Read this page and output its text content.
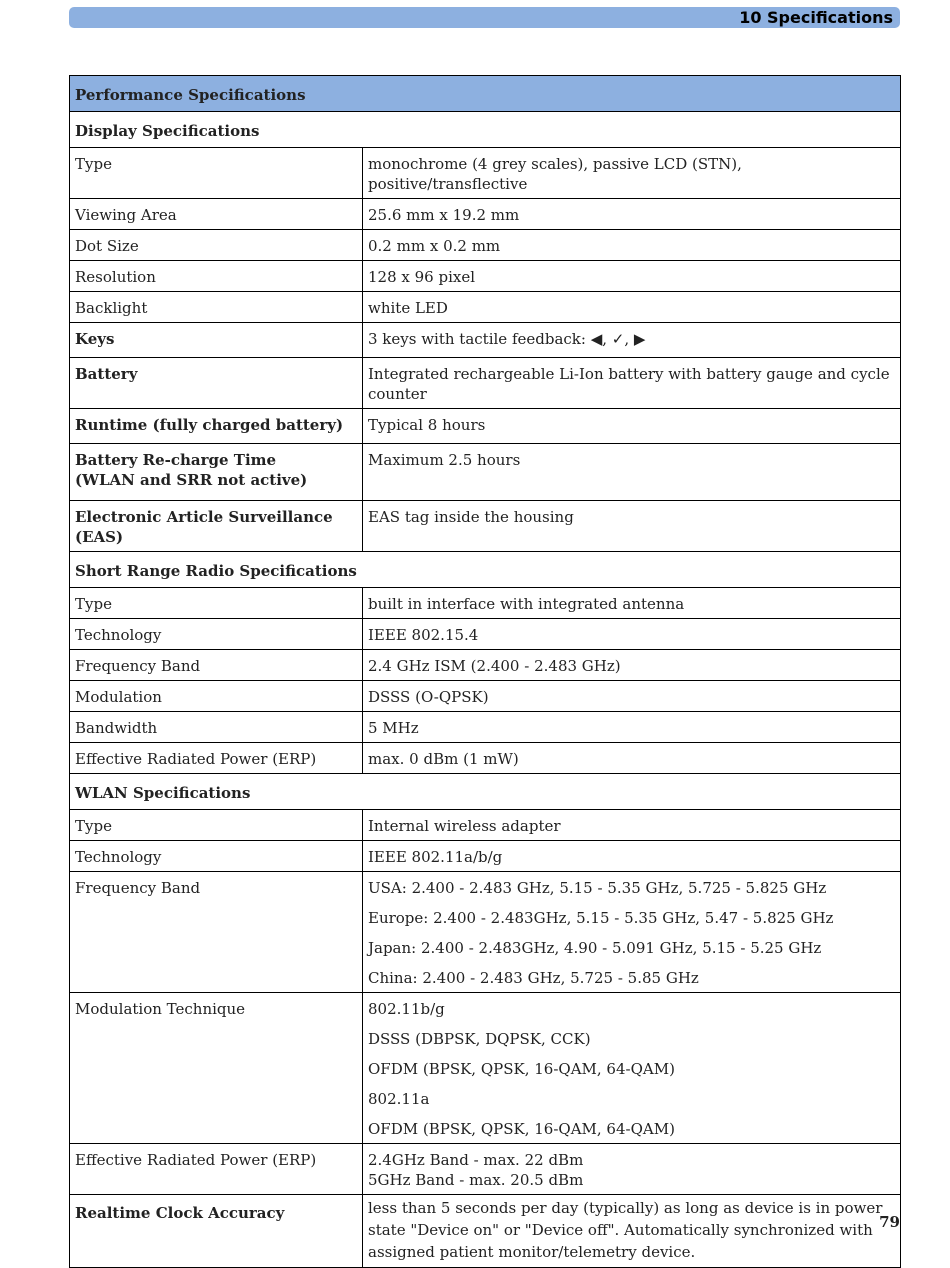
10 Specifications
Performance Specifications	
Display Specifications	
Type	monochrome (4 grey scales), passive LCD (STN), positive/transflective
Viewing Area	25.6 mm x 19.2 mm
Dot Size	0.2 mm x 0.2 mm
Resolution	128 x 96 pixel
Backlight	white LED
Keys	3 keys with tactile feedback: ◀, ✓, ▶
Battery	Integrated rechargeable Li-Ion battery with battery gauge and cycle counter
Runtime (fully charged battery)	Typical 8 hours

Battery Re-charge Time
(WLAN and SRR not active)	Maximum 2.5 hours
Electronic Article Surveillance (EAS)	EAS tag inside the housing
Short Range Radio Specifications	
Type	built in interface with integrated antenna
Technology	IEEE 802.15.4
Frequency Band	2.4 GHz ISM (2.400 - 2.483 GHz)
Modulation	DSSS (O-QPSK)
Bandwidth	5 MHz
Effective Radiated Power (ERP)	max. 0 dBm (1 mW)
WLAN Specifications	
Type	Internal wireless adapter
Technology	IEEE 802.11a/b/g
Frequency Band	USA: 2.400 - 2.483 GHz, 5.15 - 5.35 GHz, 5.725 - 5.825 GHz
Europe: 2.400 - 2.483GHz, 5.15 - 5.35 GHz, 5.47 - 5.825 GHz
Japan: 2.400 - 2.483GHz, 4.90 - 5.091 GHz, 5.15 - 5.25 GHz
China: 2.400 - 2.483 GHz, 5.725 - 5.85 GHz

Modulation Technique	802.11b/g
DSSS (DBPSK, DQPSK, CCK)
OFDM (BPSK, QPSK, 16-QAM, 64-QAM)
802.11a
OFDM (BPSK, QPSK, 16-QAM, 64-QAM)

Effective Radiated Power (ERP)	2.4GHz Band - max. 22 dBm
5GHz Band - max. 20.5 dBm

Realtime Clock Accuracy	less than 5 seconds per day (typically) as long as device is in power state "Device on" or "Device off". Automatically synchronized with assigned patient monitor/telemetry device.
79
